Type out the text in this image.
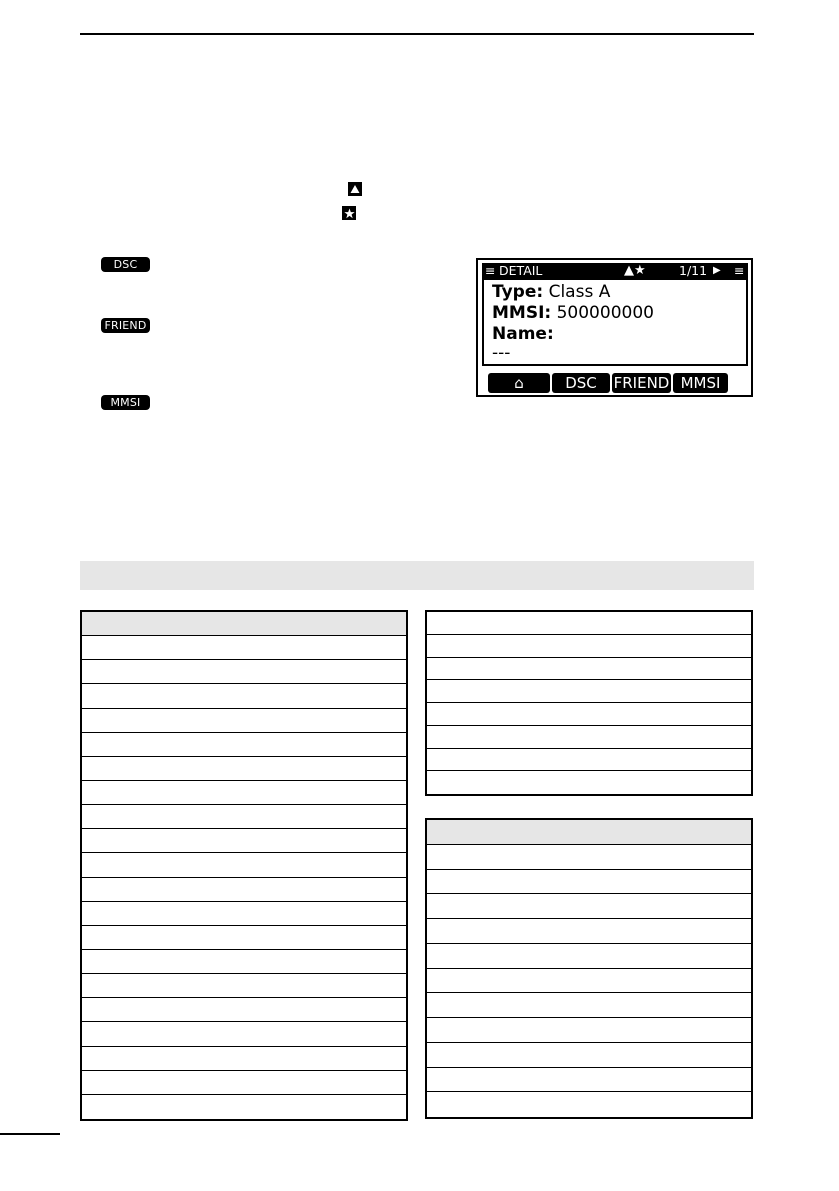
DSC
FRIEND
MMSI
≡ DETAIL	▲★	1/11 ▶ ≡
Type: Class A
MMSI: 500000000
Name:
---
⌂	DSC	FRIEND MMSI
